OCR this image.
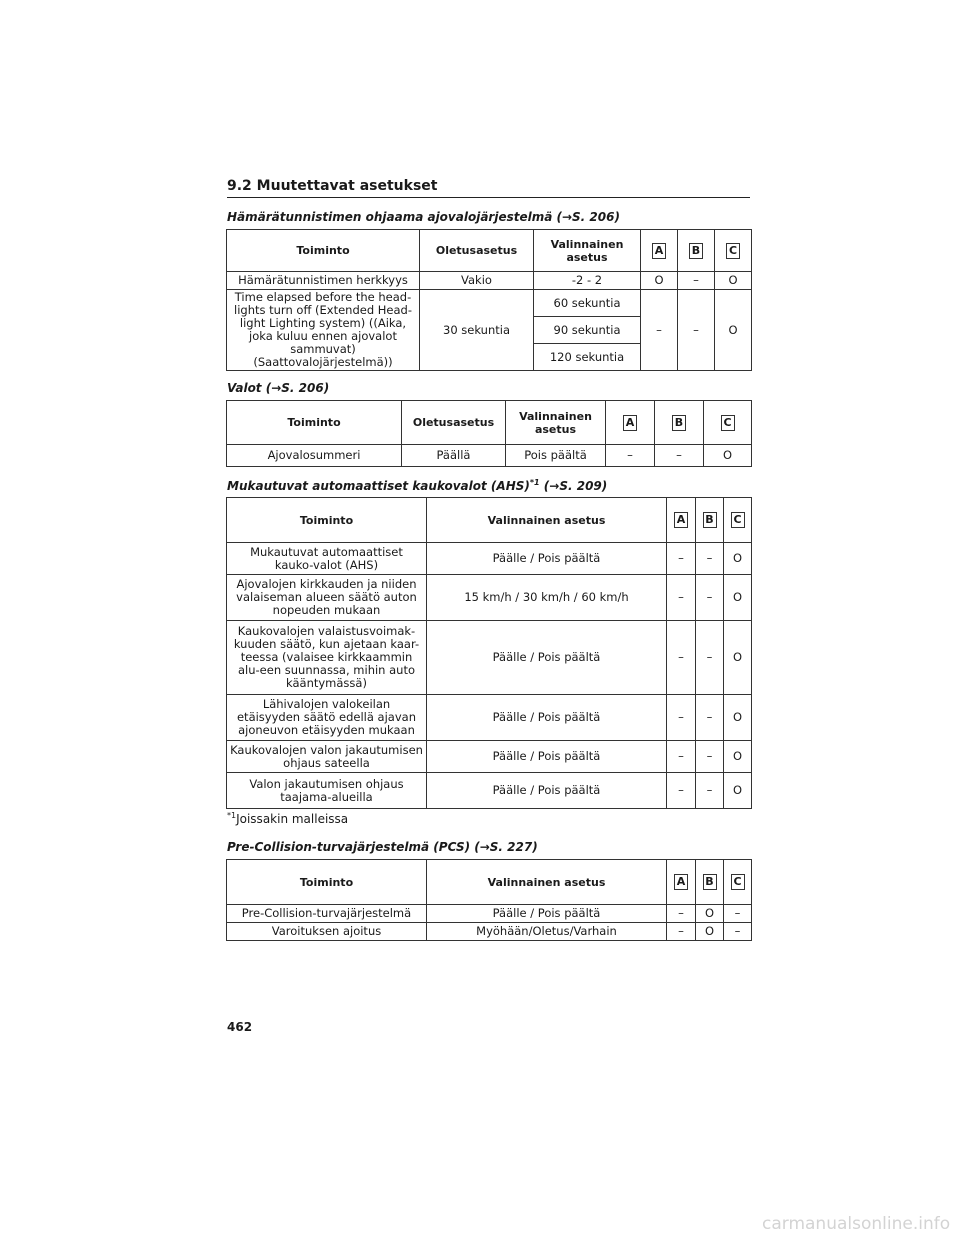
9.2 Muutettavat asetukset
Hämärätunnistimen ohjaama ajovalojärjestelmä (→S. 206)
Toiminto	Oletusasetus	Valinnainen asetus	A	B	C
Hämärätunnistimen herkkyys	Vakio	-2 - 2	O	–	O
Time elapsed before the head-lights turn off (Extended Head-light Lighting system) ((Aika, joka kuluu ennen ajovalot sammuvat) (Saattovalojärjestelmä))	30 sekuntia	60 sekuntia	–	–	O
		90 sekuntia			
		120 sekuntia			
Valot (→S. 206)
Toiminto	Oletusasetus	Valinnainen asetus	A	B	C
Ajovalosummeri	Päällä	Pois päältä	–	–	O
Mukautuvat automaattiset kaukovalot (AHS)$^{*1}$ (→S. 209)
Toiminto	Valinnainen asetus	A	B	C
Mukautuvat automaattiset kauko-valot (AHS)	Päälle / Pois päältä	–	–	O
Ajovalojen kirkkauden ja niiden valaiseman alueen säätö auton nopeuden mukaan	15 km/h / 30 km/h / 60 km/h	–	–	O
Kaukovalojen valaistusvoimak-kuuden säätö, kun ajetaan kaar-teessa (valaisee kirkkaammin alu-een suunnassa, mihin auto kääntymässä)	Päälle / Pois päältä	–	–	O
Lähivalojen valokeilan etäisyyden säätö edellä ajavan ajoneuvon etäisyyden mukaan	Päälle / Pois päältä	–	–	O
Kaukovalojen valon jakautumisen ohjaus sateella	Päälle / Pois päältä	–	–	O
Valon jakautumisen ohjaus taajama-alueilla	Päälle / Pois päältä	–	–	O
$^{*1}$Joissakin malleissa
Pre-Collision-turvajärjestelmä (PCS) (→S. 227)
Toiminto	Valinnainen asetus	A	B	C
Pre-Collision-turvajärjestelmä	Päälle / Pois päältä	–	O	–
Varoituksen ajoitus	Myöhään/Oletus/Varhain	–	O	–
462
carmanualsonline.info
